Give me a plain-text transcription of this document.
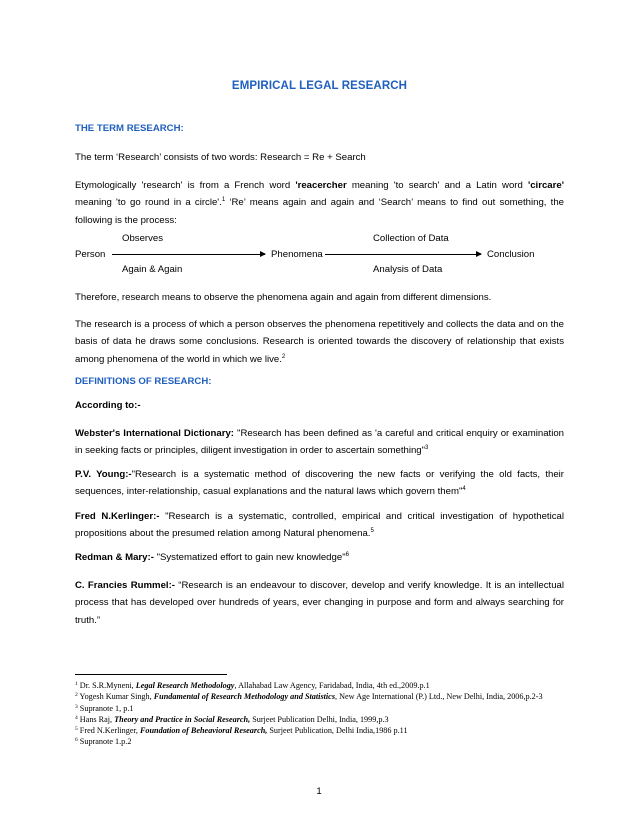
EMPIRICAL LEGAL RESEARCH
THE TERM RESEARCH:
The term ‘Research’ consists of two words: Research = Re + Search
Etymologically 'research' is from a French word 'reacercher meaning 'to search' and a Latin word 'circare' meaning 'to go round in a circle'.$^1$ ‘Re’ means again and again and ‘Search’ means to find out something, the following is the process:
Observes
Person	Phenomena	Conclusion
Again & Again
Collection of Data
Analysis of Data
Therefore, research means to observe the phenomena again and again from different dimensions.
The research is a process of which a person observes the phenomena repetitively and collects the data and on the basis of data he draws some conclusions. Research is oriented towards the discovery of relationship that exists among phenomena of the world in which we live.$^2$
DEFINITIONS OF RESEARCH:
According to:-
Webster's International Dictionary: "Research has been defined as 'a careful and critical enquiry or examination in seeking facts or principles, diligent investigation in order to ascertain something"$^3$
P.V. Young:-"Research is a systematic method of discovering the new facts or verifying the old facts, their sequences, inter-relationship, casual explanations and the natural laws which govern them"$^4$
Fred N.Kerlinger:- "Research is a systematic, controlled, empirical and critical investigation of hypothetical propositions about the presumed relation among Natural phenomena.$^5$
Redman & Mary:- "Systematized effort to gain new knowledge"$^6$
C. Francies Rummel:- “Research is an endeavour to discover, develop and verify knowledge. It is an intellectual process that has developed over hundreds of years, ever changing in purpose and form and always searching for truth.”
$^1$ Dr. S.R.Myneni, Legal Research Methodology, Allahabad Law Agency, Faridabad, India, 4th ed.,2009.p.1
$^2$ Yogesh Kumar Singh, Fundamental of Research Methodology and Statistics, New Age International (P.) Ltd., New Delhi, India, 2006,p.2-3
$^3$ Supranote 1, p.1
$^4$ Hans Raj, Theory and Practice in Social Research, Surjeet Publication Delhi, India, 1999,p.3
$^5$ Fred N.Kerlinger, Foundation of Beheavioral Research, Surjeet Publication, Delhi India,1986 p.11
$^6$ Supranote 1.p.2
1
